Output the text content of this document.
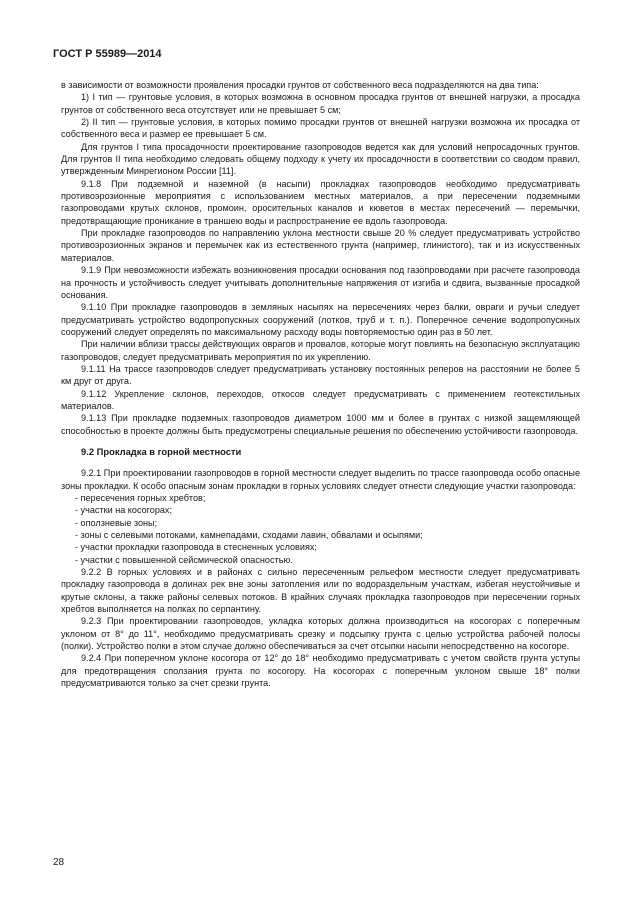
ГОСТ Р 55989—2014

в зависимости от возможности проявления просадки грунтов от собственного веса подразделяются на два типа:

1) I тип — грунтовые условия, в которых возможна в основном просадка грунтов от внешней нагрузки, а просадка грунтов от собственного веса отсутствует или не превышает 5 см;

2) II тип — грунтовые условия, в которых помимо просадки грунтов от внешней нагрузки возможна их просадка от собственного веса и размер ее превышает 5 см.

Для грунтов I типа просадочности проектирование газопроводов ведется как для условий непросадочных грунтов. Для грунтов II типа необходимо следовать общему подходу к учету их просадочности в соответствии со сводом правил, утвержденным Минрегионом России [11].

9.1.8 При подземной и наземной (в насыпи) прокладках газопроводов необходимо предусматривать противоэрозионные мероприятия с использованием местных материалов, а при пересечении подземными газопроводами крутых склонов, промоин, оросительных каналов и кюветов в местах пересечений — перемычки, предотвращающие проникание в траншею воды и распространение ее вдоль газопровода.

При прокладке газопроводов по направлению уклона местности свыше 20 % следует предусматривать устройство противоэрозионных экранов и перемычек как из естественного грунта (например, глинистого), так и из искусственных материалов.

9.1.9 При невозможности избежать возникновения просадки основания под газопроводами при расчете газопровода на прочность и устойчивость следует учитывать дополнительные напряжения от изгиба и сдвига, вызванные просадкой основания.

9.1.10 При прокладке газопроводов в земляных насыпях на пересечениях через балки, овраги и ручьи следует предусматривать устройство водопропускных сооружений (лотков, труб и т. п.). Поперечное сечение водопропускных сооружений следует определять по максимальному расходу воды повторяемостью один раз в 50 лет.

При наличии вблизи трассы действующих оврагов и провалов, которые могут повлиять на безопасную эксплуатацию газопроводов, следует предусматривать мероприятия по их укреплению.

9.1.11 На трассе газопроводов следует предусматривать установку постоянных реперов на расстоянии не более 5 км друг от друга.

9.1.12 Укрепление склонов, переходов, откосов следует предусматривать с применением геотекстильных материалов.

9.1.13 При прокладке подземных газопроводов диаметром 1000 мм и более в грунтах с низкой защемляющей способностью в проекте должны быть предусмотрены специальные решения по обеспечению устойчивости газопровода.

9.2 Прокладка в горной местности

9.2.1 При проектировании газопроводов в горной местности следует выделить по трассе газопровода особо опасные зоны прокладки. К особо опасным зонам прокладки в горных условиях следует отнести следующие участки газопровода:

- пересечения горных хребтов;
- участки на косогорах;
- оползневые зоны;
- зоны с селевыми потоками, камнепадами, сходами лавин, обвалами и осыпями;
- участки прокладки газопровода в стесненных условиях;
- участки с повышенной сейсмической опасностью.

9.2.2 В горных условиях и в районах с сильно пересеченным рельефом местности следует предусматривать прокладку газопровода в долинах рек вне зоны затопления или по водораздельным участкам, избегая неустойчивые и крутые склоны, а также районы селевых потоков. В крайних случаях прокладка газопроводов при пересечении горных хребтов выполняется на полках по серпантину.

9.2.3 При проектировании газопроводов, укладка которых должна производиться на косогорах с поперечным уклоном от 8° до 11°, необходимо предусматривать срезку и подсыпку грунта с целью устройства рабочей полосы (полки). Устройство полки в этом случае должно обеспечиваться за счет отсыпки насыпи непосредственно на косогоре.

9.2.4 При поперечном уклоне косогора от 12° до 18° необходимо предусматривать с учетом свойств грунта уступы для предотвращения сползания грунта по косогору. На косогорах с поперечным уклоном свыше 18° полки предусматриваются только за счет срезки грунта.

28
